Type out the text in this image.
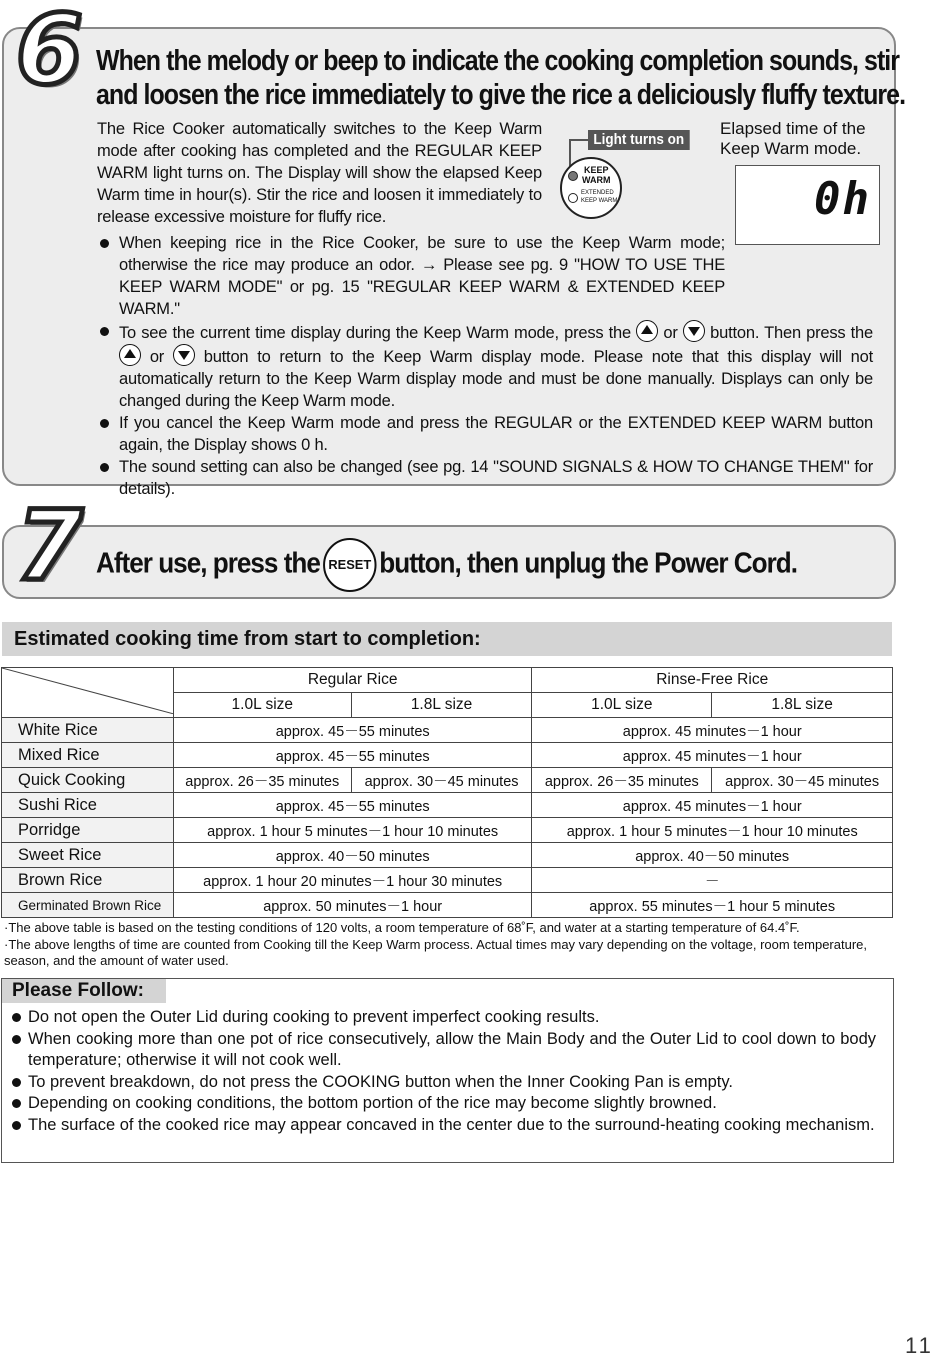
6 When the melody or beep to indicate the cooking completion sounds, stir
and loosen the rice immediately to give the rice a deliciously fluffy texture.
The Rice Cooker automatically switches to the Keep Warm mode after cooking has completed and the REGULAR KEEP WARM light turns on. The Display will show the elapsed Keep Warm time in hour(s). Stir the rice and loosen it immediately to release excessive moisture for fluffy rice.
Light turns on
KEEP
WARM
EXTENDED
KEEP WARM
Elapsed time of the Keep Warm mode.
0h
When keeping rice in the Rice Cooker, be sure to use the Keep Warm mode; otherwise the rice may produce an odor. → Please see pg. 9 "HOW TO USE THE KEEP WARM MODE" or pg. 15 "REGULAR KEEP WARM & EXTENDED KEEP WARM."
To see the current time display during the Keep Warm mode, press the or button. Then press the  or button to return to the Keep Warm display mode. Please note that this display will not automatically return to the Keep Warm display mode and must be done manually. Displays can only be changed during the Keep Warm mode.
If you cancel the Keep Warm mode and press the REGULAR or the EXTENDED KEEP WARM button again, the Display shows 0 h.
The sound setting can also be changed (see pg. 14 "SOUND SIGNALS & HOW TO CHANGE THEM" for details).
7 After use, press the RESET button, then unplug the Power Cord.
Estimated cooking time from start to completion:
	Regular Rice		Rinse-Free Rice	
	1.0L size	1.8L size	1.0L size	1.8L size
White Rice	approx. 45－55 minutes		approx. 45 minutes－1 hour	
Mixed Rice	approx. 45－55 minutes		approx. 45 minutes－1 hour	
Quick Cooking	approx. 26－35 minutes	approx. 30－45 minutes	approx. 26－35 minutes	approx. 30－45 minutes
Sushi Rice	approx. 45－55 minutes		approx. 45 minutes－1 hour	
Porridge	approx. 1 hour 5 minutes－1 hour 10 minutes		approx. 1 hour 5 minutes－1 hour 10 minutes	
Sweet Rice	approx. 40－50 minutes		approx. 40－50 minutes	
Brown Rice	approx. 1 hour 20 minutes－1 hour 30 minutes		－	
Germinated Brown Rice	approx. 50 minutes－1 hour		approx. 55 minutes－1 hour 5 minutes	
·The above table is based on the testing conditions of 120 volts, a room temperature of 68˚F, and water at a starting temperature of 64.4˚F.
·The above lengths of time are counted from Cooking till the Keep Warm process. Actual times may vary depending on the voltage, room temperature, season, and the amount of water used.
Please Follow:
Do not open the Outer Lid during cooking to prevent imperfect cooking results.
When cooking more than one pot of rice consecutively, allow the Main Body and the Outer Lid to cool down to body temperature; otherwise it will not cook well.
To prevent breakdown, do not press the COOKING button when the Inner Cooking Pan is empty.
Depending on cooking conditions, the bottom portion of the rice may become slightly browned.
The surface of the cooked rice may appear concaved in the center due to the surround-heating cooking mechanism.
11
